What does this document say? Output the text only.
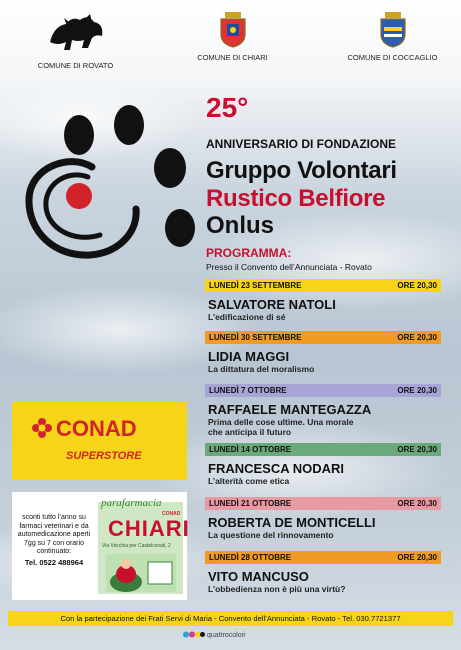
COMUNE DI ROVATO
COMUNE DI CHIARI	COMUNE DI COCCAGLIO
25°
ANNIVERSARIO DI FONDAZIONE
Gruppo Volontari
Rustico Belfiore
Onlus
PROGRAMMA:
Presso il Convento dell’Annunciata - Rovato
LUNEDÌ 23 SETTEMBRE	ORE 20,30
SALVATORE NATOLI
L’edificazione di sé
LUNEDÌ 30 SETTEMBRE	ORE 20,30
LIDIA MAGGI
La dittatura del moralismo
LUNEDÌ 7 OTTOBRE	ORE 20,30
RAFFAELE MANTEGAZZA
Prima delle cose ultime. Una morale che anticipa il futuro
LUNEDÌ 14 OTTOBRE	ORE 20,30
FRANCESCA NODARI
L’alterità come etica
LUNEDÌ 21 OTTOBRE	ORE 20,30
ROBERTA DE MONTICELLI
La questione del rinnovamento
LUNEDÌ 28 OTTOBRE	ORE 20,30
VITO MANCUSO
L’obbedienza non è più una virtù?
CONAD
SUPERSTORE
sconti tutto l’anno su farmaci veterinari e da automedicazione aperti 7gg su 7 con orario continuato:
Tel. 0522 488964
parafarmacia
CONAD
CHIARI
Via Vecchia per Castelcovati, 2
Con la partecipazione dei Frati Servi di Maria - Convento dell’Annunciata - Rovato - Tel. 030.7721377
quattrocolori
